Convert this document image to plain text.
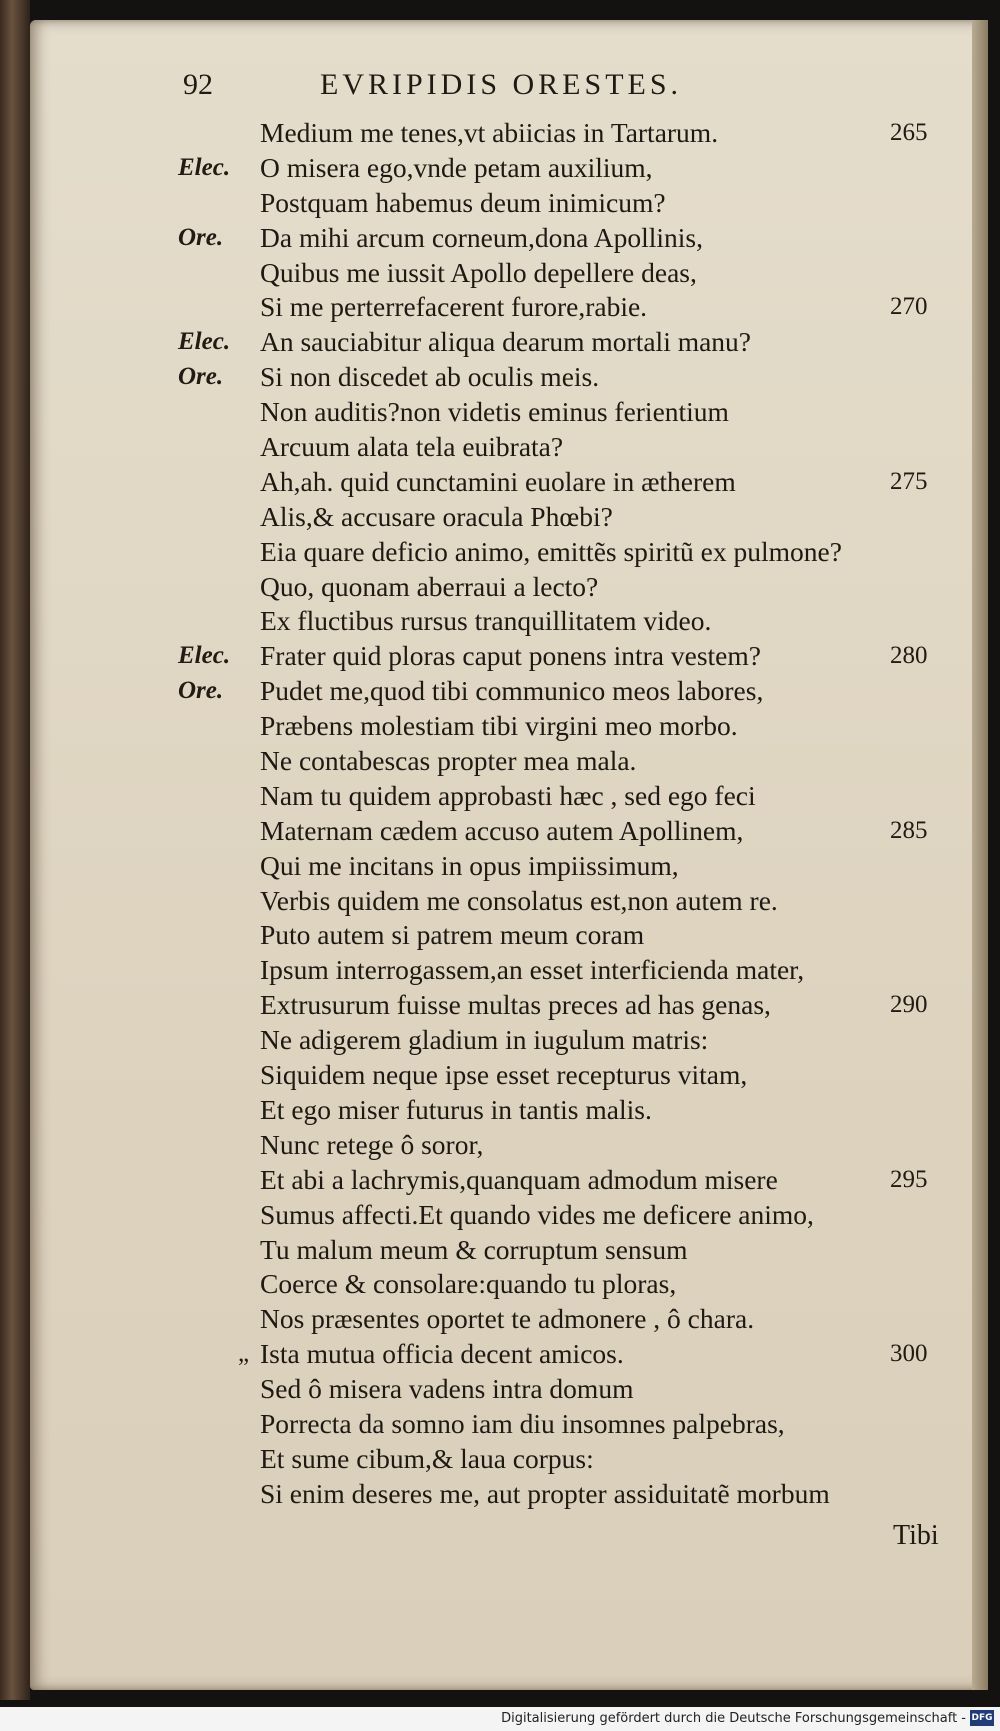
92	EVRIPIDIS ORESTES.
Medium me tenes,vt abiicias in Tartarum.	265
Elec. O misera ego,vnde petam auxilium,
Postquam habemus deum inimicum?
Ore. Da mihi arcum corneum,dona Apollinis,
Quibus me iussit Apollo depellere deas,
Si me perterrefacerent furore,rabie.	270
Elec. An sauciabitur aliqua dearum mortali manu?
Ore. Si non discedet ab oculis meis.
Non auditis?non videtis eminus ferientium
Arcuum alata tela euibrata?
Ah,ah. quid cunctamini euolare in ætherem	275
Alis,& accusare oracula Phœbi?
Eia quare deficio animo, emittẽs spiritũ ex pulmone?
Quo, quonam aberraui a lecto?
Ex fluctibus rursus tranquillitatem video.
Elec. Frater quid ploras caput ponens intra vestem?	280
Ore. Pudet me,quod tibi communico meos labores,
Præbens molestiam tibi virgini meo morbo.
Ne contabescas propter mea mala.
Nam tu quidem approbasti hæc , sed ego feci
Maternam cædem accuso autem Apollinem,	285
Qui me incitans in opus impiissimum,
Verbis quidem me consolatus est,non autem re.
Puto autem si patrem meum coram
Ipsum interrogassem,an esset interficienda mater,
Extrusurum fuisse multas preces ad has genas,	290
Ne adigerem gladium in iugulum matris:
Siquidem neque ipse esset recepturus vitam,
Et ego miser futurus in tantis malis.
Nunc retege ô soror,
Et abi a lachrymis,quanquam admodum misere	295
Sumus affecti.Et quando vides me deficere animo,
Tu malum meum & corruptum sensum
Coerce & consolare:quando tu ploras,
Nos præsentes oportet te admonere , ô chara.
„ Ista mutua officia decent amicos.	300
Sed ô misera vadens intra domum
Porrecta da somno iam diu insomnes palpebras,
Et sume cibum,& laua corpus:
Si enim deseres me, aut propter assiduitatẽ morbum
Tibi
Digitalisierung gefördert durch die Deutsche Forschungsgemeinschaft - DFG
